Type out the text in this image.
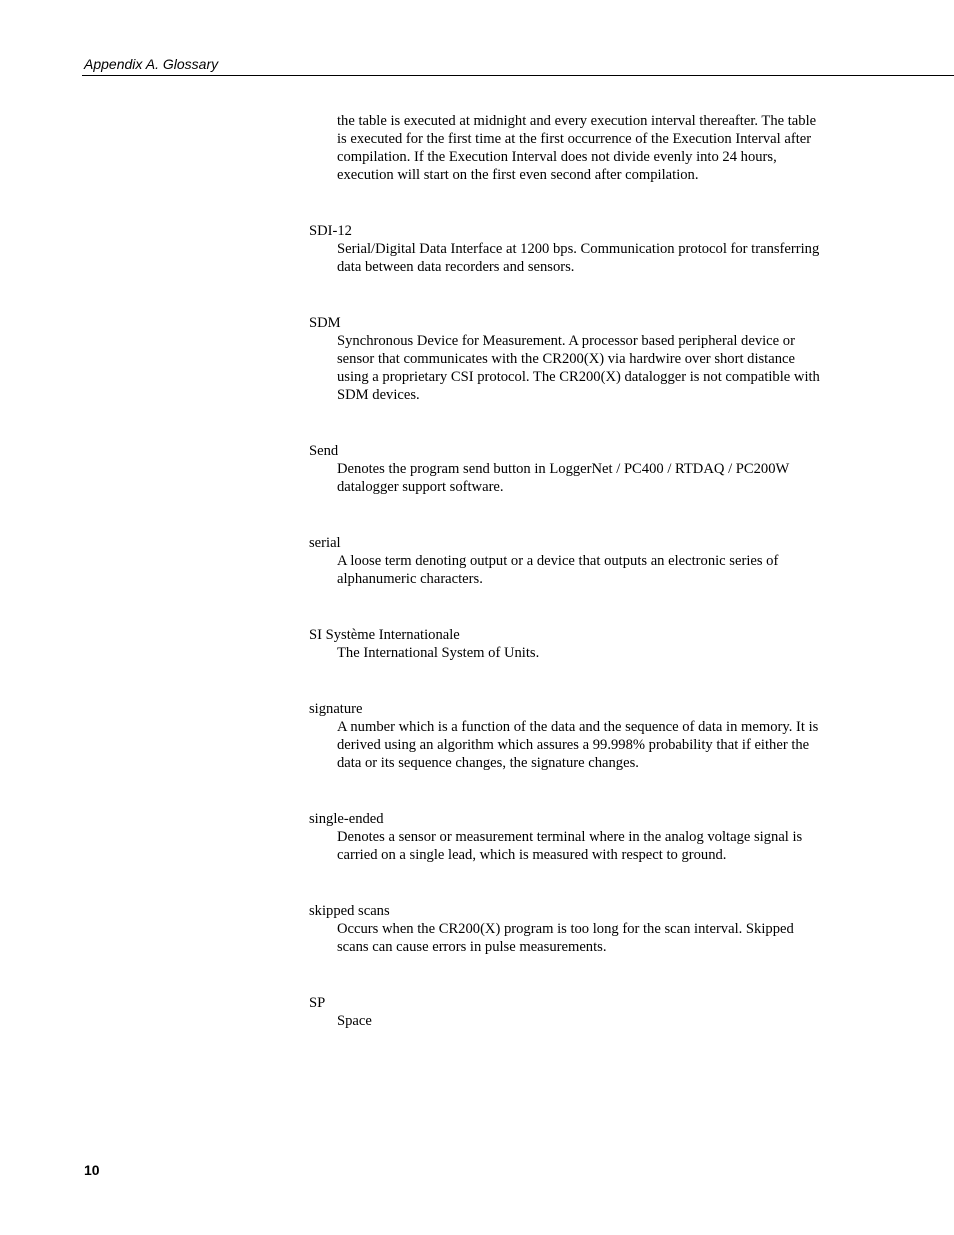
Appendix A. Glossary

the table is executed at midnight and every execution interval thereafter. The table is executed for the first time at the first occurrence of the Execution Interval after compilation. If the Execution Interval does not divide evenly into 24 hours, execution will start on the first even second after compilation.

SDI-12

Serial/Digital Data Interface at 1200 bps. Communication protocol for transferring data between data recorders and sensors.

SDM

Synchronous Device for Measurement. A processor based peripheral device or sensor that communicates with the CR200(X) via hardwire over short distance using a proprietary CSI protocol. The CR200(X) datalogger is not compatible with SDM devices.

Send

Denotes the program send button in LoggerNet / PC400 / RTDAQ / PC200W datalogger support software.

serial

A loose term denoting output or a device that outputs an electronic series of alphanumeric characters.

SI Système Internationale

The International System of Units.

signature

A number which is a function of the data and the sequence of data in memory. It is derived using an algorithm which assures a 99.998% probability that if either the data or its sequence changes, the signature changes.

single-ended

Denotes a sensor or measurement terminal where in the analog voltage signal is carried on a single lead, which is measured with respect to ground.

skipped scans

Occurs when the CR200(X) program is too long for the scan interval. Skipped scans can cause errors in pulse measurements.

SP

Space

10
